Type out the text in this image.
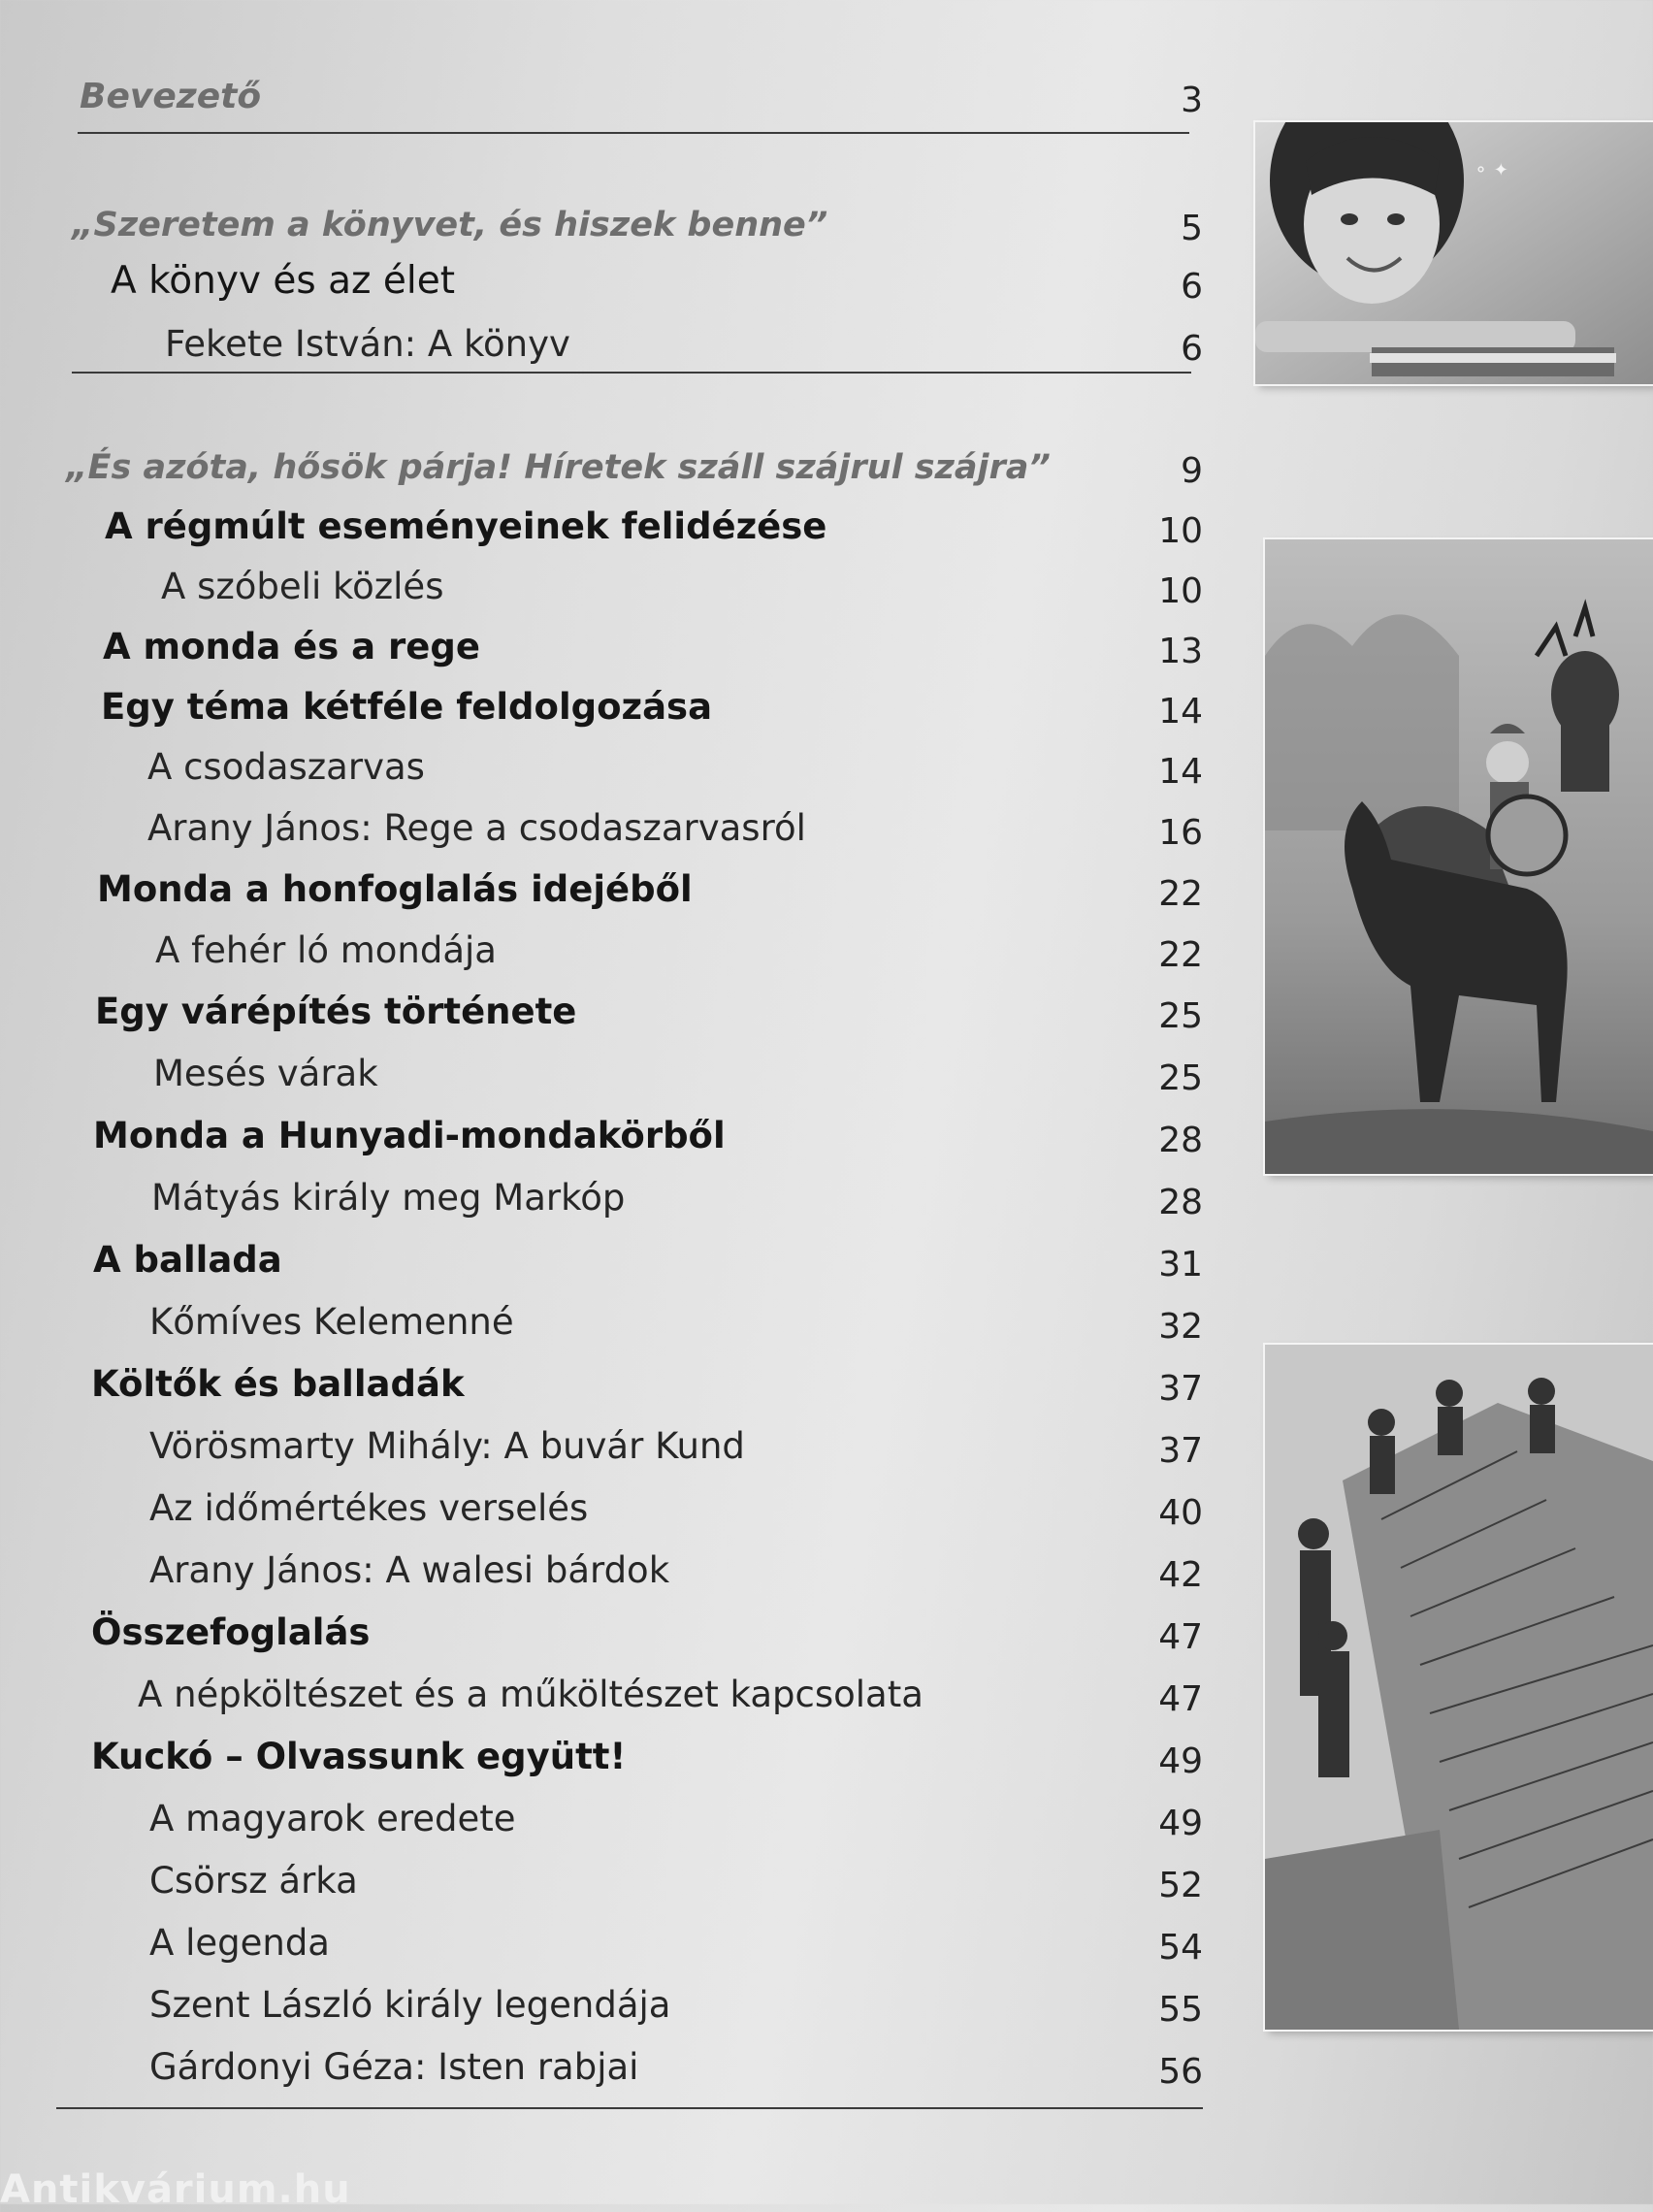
Bevezető	3
„Szeretem a könyvet, és hiszek benne”	5
A könyv és az élet	6
Fekete István: A könyv	6
„És azóta, hősök párja! Híretek száll szájrul szájra”	9
A régmúlt eseményeinek felidézése	10
A szóbeli közlés	10
A monda és a rege	13
Egy téma kétféle feldolgozása	14
A csodaszarvas	14
Arany János: Rege a csodaszarvasról	16
Monda a honfoglalás idejéből	22
A fehér ló mondája	22
Egy várépítés története	25
Mesés várak	25
Monda a Hunyadi-mondakörből	28
Mátyás király meg Markóp	28
A ballada	31
Kőmíves Kelemenné	32
Költők és balladák	37
Vörösmarty Mihály: A buvár Kund	37
Az időmértékes verselés	40
Arany János: A walesi bárdok	42
Összefoglalás	47
A népköltészet és a műköltészet kapcsolata	47
Kuckó – Olvassunk együtt!	49
A magyarok eredete	49
Csörsz árka	52
A legenda	54
Szent László király legendája	55
Gárdonyi Géza: Isten rabjai	56
⚬ ✦
Antikvárium.hu
